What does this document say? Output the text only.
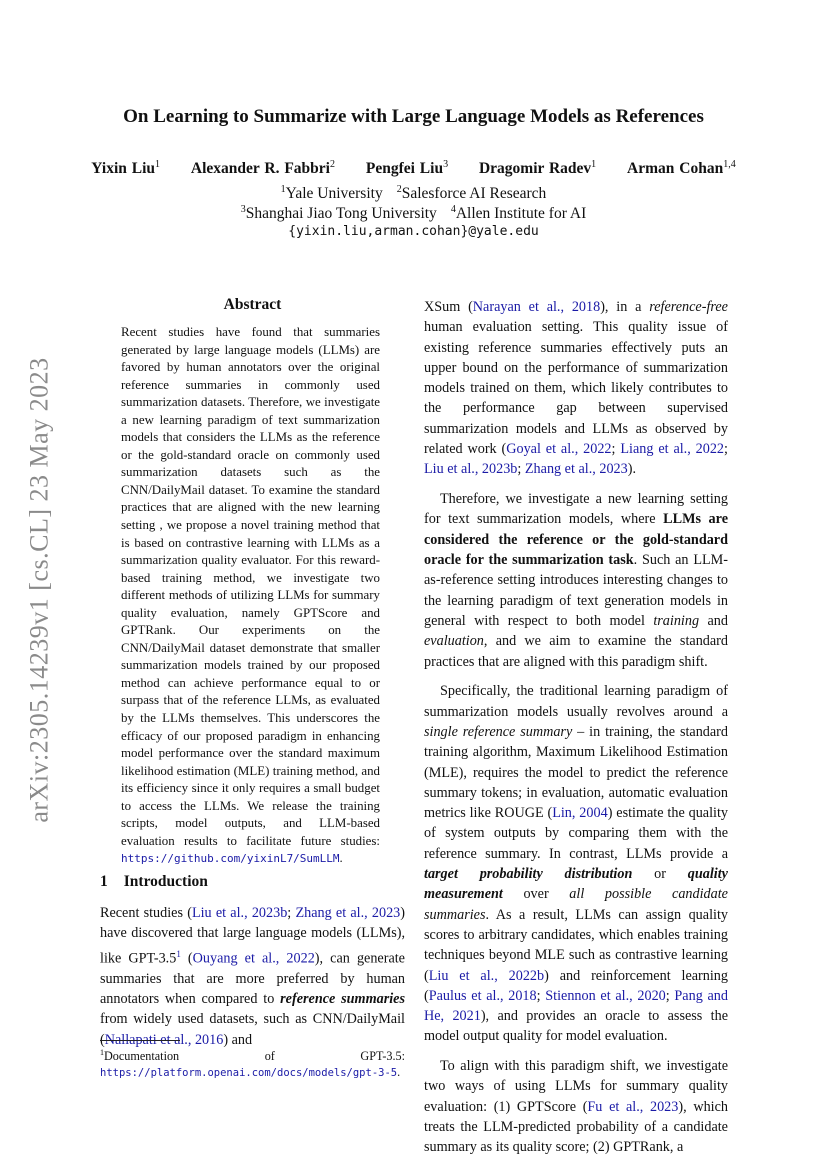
arXiv:2305.14239v1 [cs.CL] 23 May 2023
On Learning to Summarize with Large Language Models as References
Yixin Liu$^1$ Alexander R. Fabbri$^2$ Pengfei Liu$^3$ Dragomir Radev$^1$ Arman Cohan$^{1,4}$
$^1$Yale University $^2$Salesforce AI Research
$^3$Shanghai Jiao Tong University $^4$Allen Institute for AI
{yixin.liu,arman.cohan}@yale.edu
Abstract
Recent studies have found that summaries generated by large language models (LLMs) are favored by human annotators over the original reference summaries in commonly used summarization datasets. Therefore, we investigate a new learning paradigm of text summarization models that considers the LLMs as the reference or the gold-standard oracle on commonly used summarization datasets such as the CNN/DailyMail dataset. To examine the standard practices that are aligned with the new learning setting , we propose a novel training method that is based on contrastive learning with LLMs as a summarization quality evaluator. For this reward-based training method, we investigate two different methods of utilizing LLMs for summary quality evaluation, namely GPTScore and GPTRank. Our experiments on the CNN/DailyMail dataset demonstrate that smaller summarization models trained by our proposed method can achieve performance equal to or surpass that of the reference LLMs, as evaluated by the LLMs themselves. This underscores the efficacy of our proposed paradigm in enhancing model performance over the standard maximum likelihood estimation (MLE) training method, and its efficiency since it only requires a small budget to access the LLMs. We release the training scripts, model outputs, and LLM-based evaluation results to facilitate future studies: https://github.com/yixinL7/SumLLM.
1 Introduction
Recent studies (Liu et al., 2023b; Zhang et al., 2023) have discovered that large language models (LLMs), like GPT-3.5$^1$ (Ouyang et al., 2022), can generate summaries that are more preferred by human annotators when compared to reference summaries from widely used datasets, such as CNN/DailyMail (Nallapati et al., 2016) and
$^1$Documentation of GPT-3.5: https://platform.openai.com/docs/models/gpt-3-5.

XSum (Narayan et al., 2018), in a reference-free human evaluation setting. This quality issue of existing reference summaries effectively puts an upper bound on the performance of summarization models trained on them, which likely contributes to the performance gap between supervised summarization models and LLMs as observed by related work (Goyal et al., 2022; Liang et al., 2022; Liu et al., 2023b; Zhang et al., 2023).

Therefore, we investigate a new learning setting for text summarization models, where LLMs are considered the reference or the gold-standard oracle for the summarization task. Such an LLM-as-reference setting introduces interesting changes to the learning paradigm of text generation models in general with respect to both model training and evaluation, and we aim to examine the standard practices that are aligned with this paradigm shift.

Specifically, the traditional learning paradigm of summarization models usually revolves around a single reference summary – in training, the standard training algorithm, Maximum Likelihood Estimation (MLE), requires the model to predict the reference summary tokens; in evaluation, automatic evaluation metrics like ROUGE (Lin, 2004) estimate the quality of system outputs by comparing them with the reference summary. In contrast, LLMs provide a target probability distribution or quality measurement over all possible candidate summaries. As a result, LLMs can assign quality scores to arbitrary candidates, which enables training techniques beyond MLE such as contrastive learning (Liu et al., 2022b) and reinforcement learning (Paulus et al., 2018; Stiennon et al., 2020; Pang and He, 2021), and provides an oracle to assess the model output quality for model evaluation.

To align with this paradigm shift, we investigate two ways of using LLMs for summary quality evaluation: (1) GPTScore (Fu et al., 2023), which treats the LLM-predicted probability of a candidate summary as its quality score; (2) GPTRank, a
